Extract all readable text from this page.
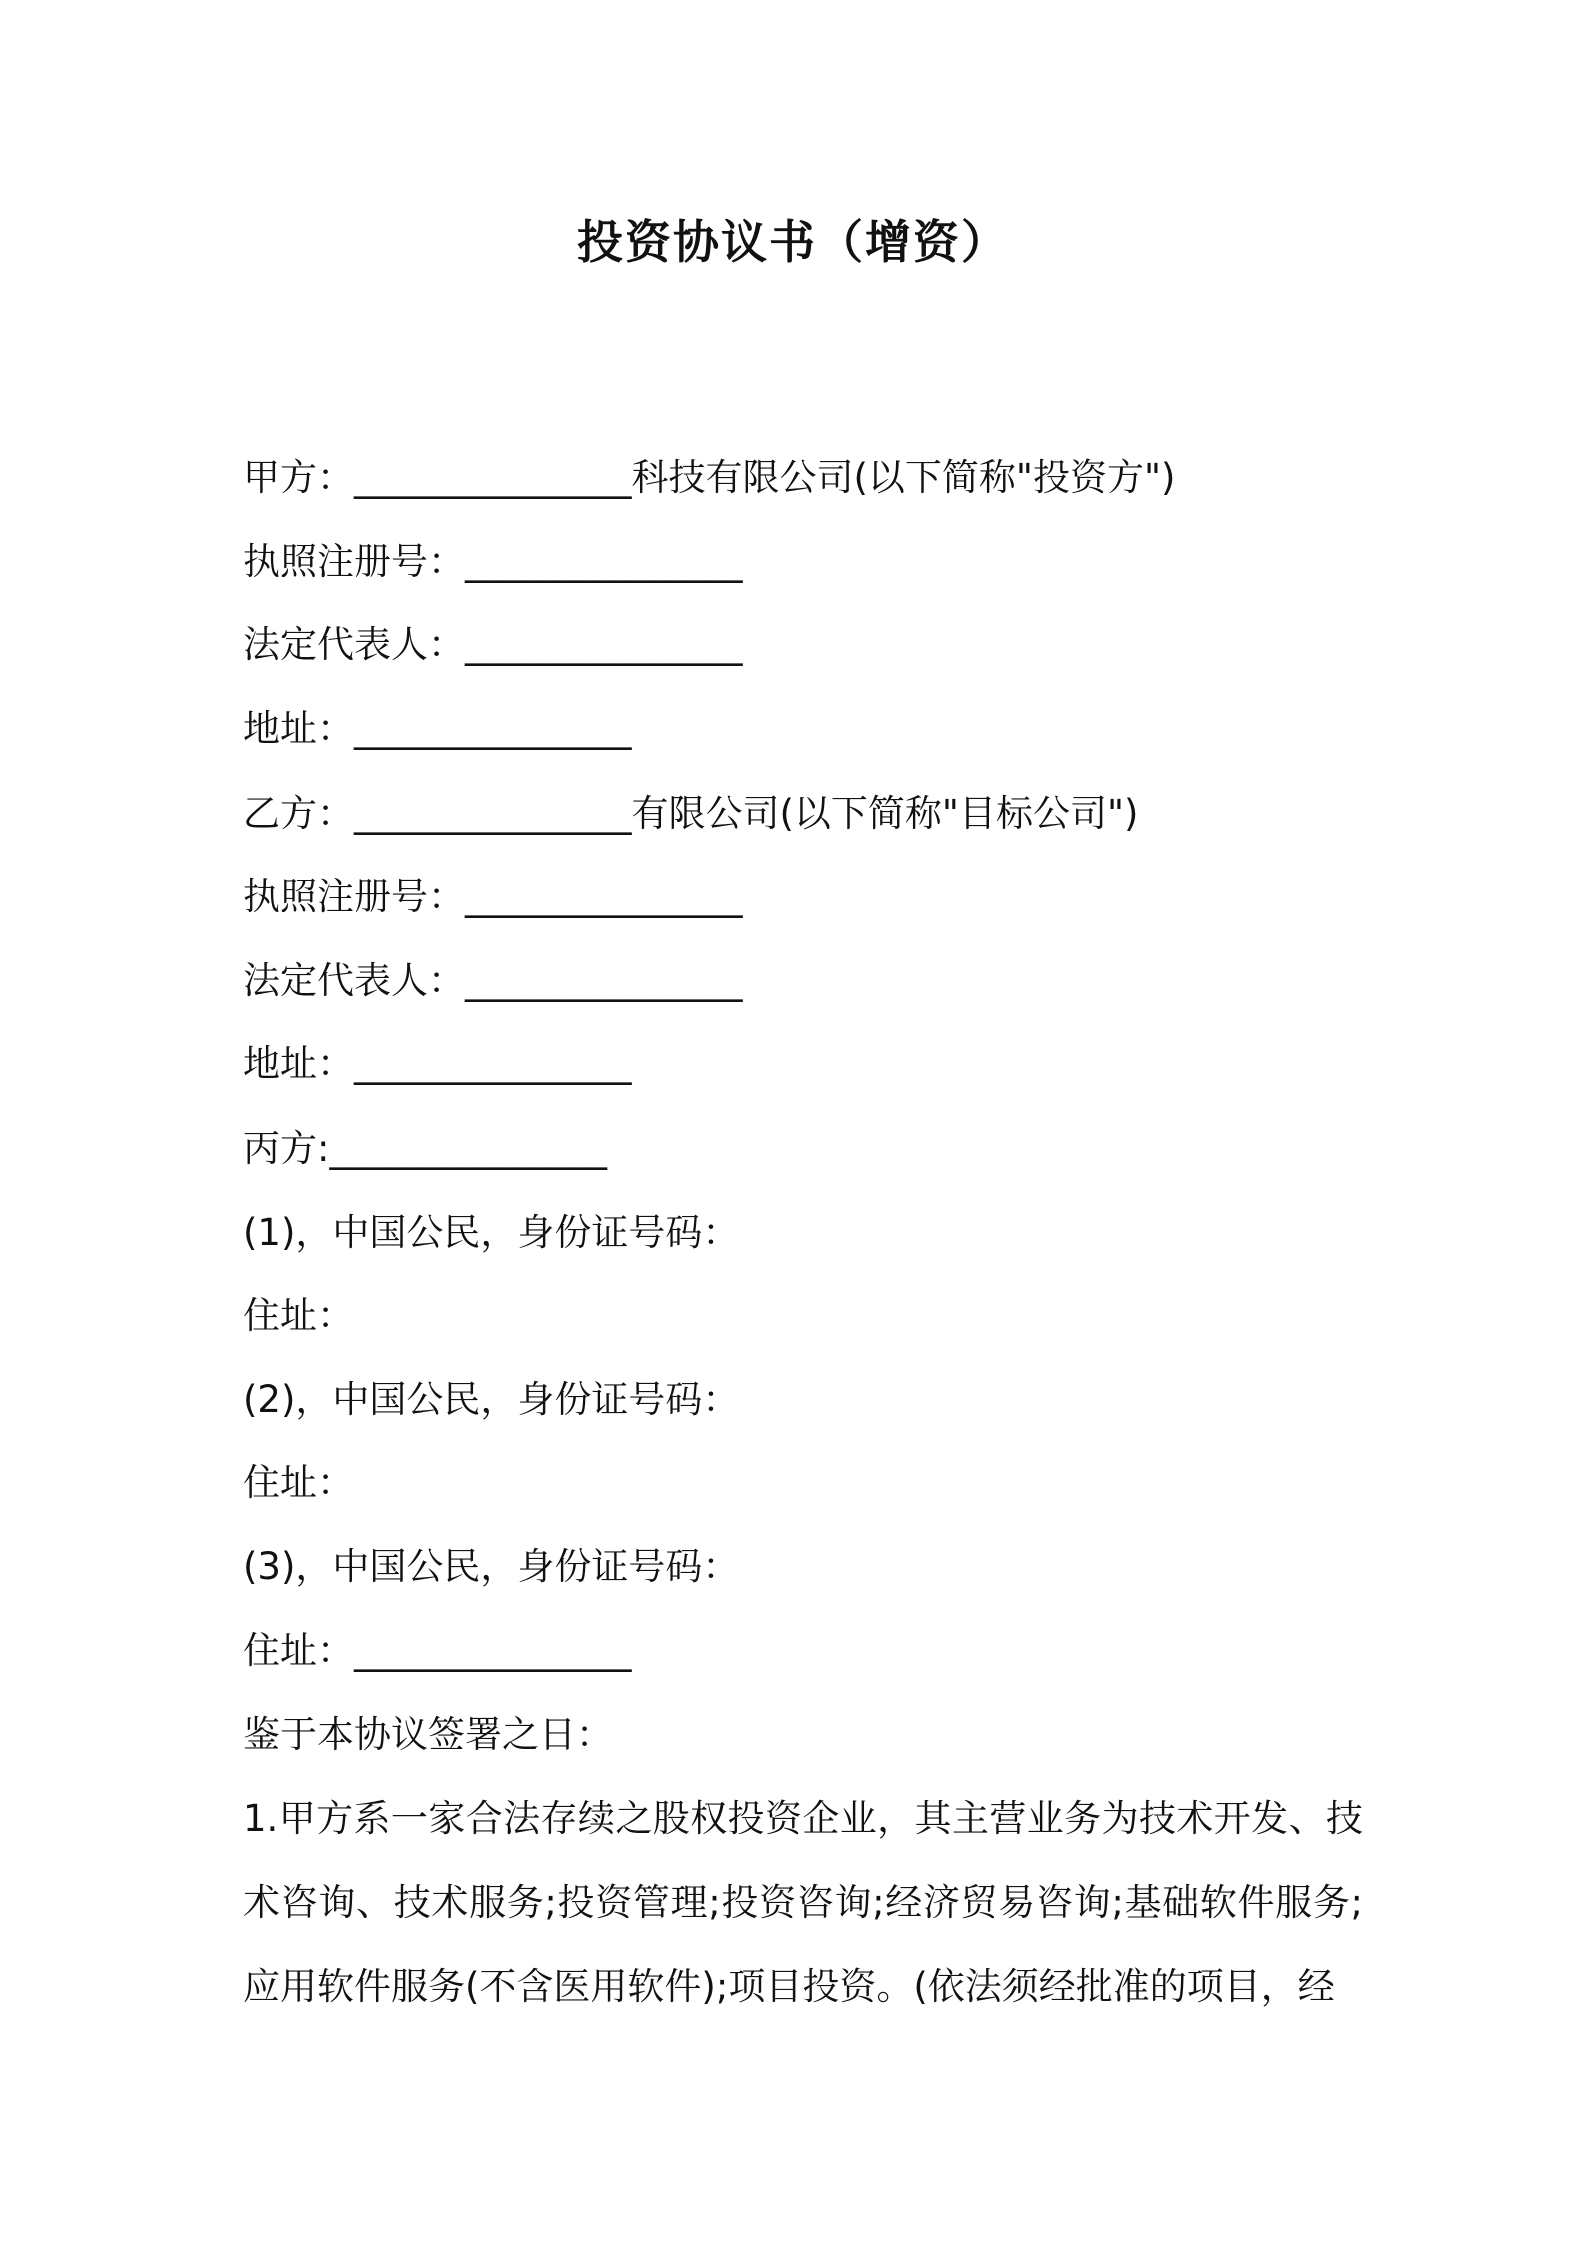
投资协议书（增资）

甲方：_______________科技有限公司(以下简称"投资方")

执照注册号：_______________

法定代表人：_______________

地址：_______________

乙方：_______________有限公司(以下简称"目标公司")

执照注册号：_______________

法定代表人：_______________

地址：_______________

丙方:_______________

(1)，中国公民，身份证号码：

住址：

(2)，中国公民，身份证号码：

住址：

(3)，中国公民，身份证号码：

住址：_______________

鉴于本协议签署之日：

1.甲方系一家合法存续之股权投资企业，其主营业务为技术开发、技术咨询、技术服务;投资管理;投资咨询;经济贸易咨询;基础软件服务;应用软件服务(不含医用软件);项目投资。(依法须经批准的项目，经
